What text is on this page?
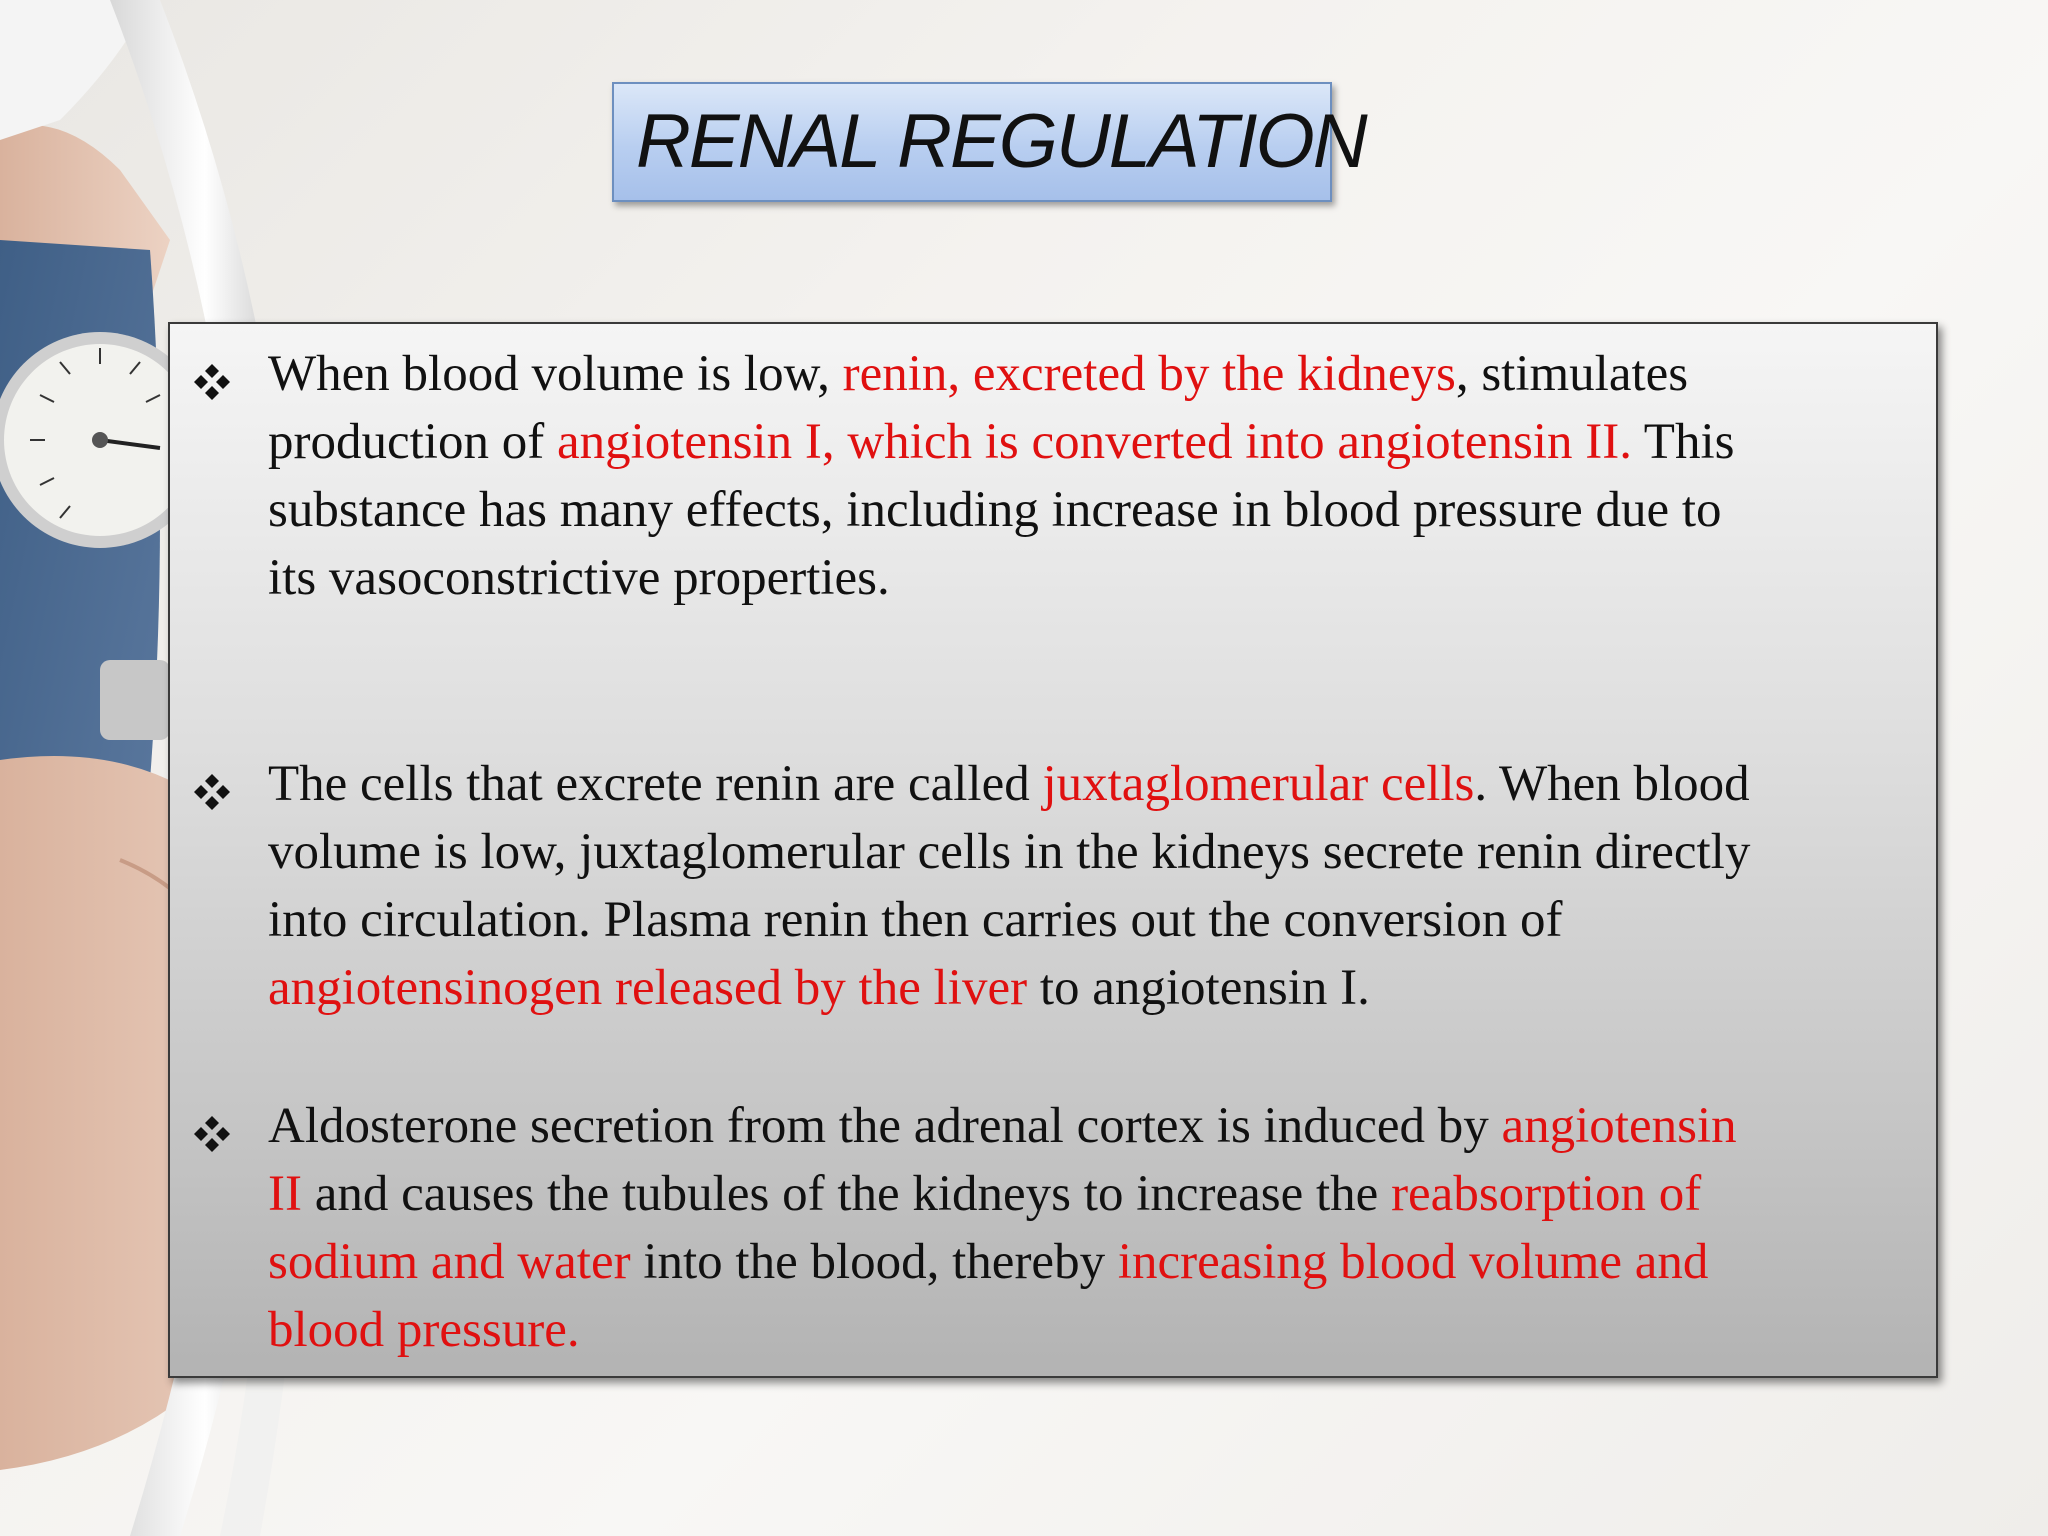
RENAL REGULATION
When blood volume is low, renin, excreted by the kidneys, stimulates
production of angiotensin I, which is converted into angiotensin II. This
substance has many effects, including increase in blood pressure due to
its vasoconstrictive properties.
The cells that excrete renin are called juxtaglomerular cells. When blood
volume is low, juxtaglomerular cells in the kidneys secrete renin directly
into circulation. Plasma renin then carries out the conversion of
angiotensinogen released by the liver to angiotensin I.
Aldosterone secretion from the adrenal cortex is induced by angiotensin
II and causes the tubules of the kidneys to increase the reabsorption of
sodium and water into the blood, thereby increasing blood volume and
blood pressure.
